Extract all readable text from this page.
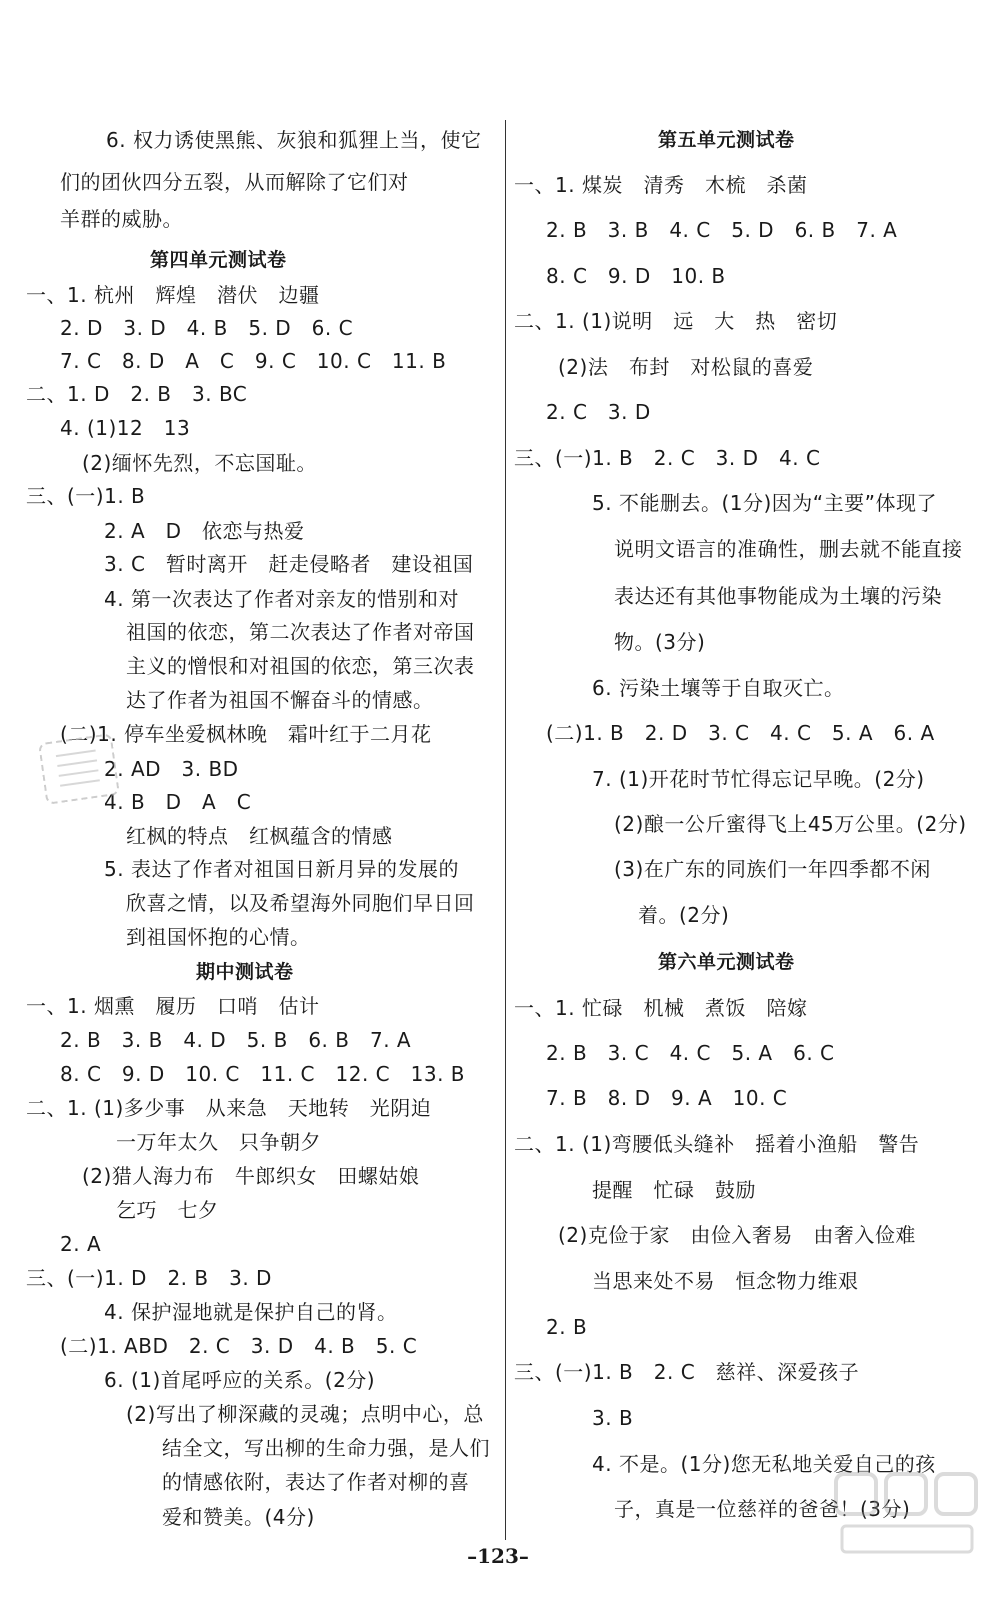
6. 权力诱使黑熊、灰狼和狐狸上当，使它
们的团伙四分五裂，从而解除了它们对
羊群的威胁。
第四单元测试卷
一、1. 杭州　辉煌　潜伏　边疆
2. D　3. D　4. B　5. D　6. C
7. C　8. D　A　C　9. C　10. C　11. B
二、1. D　2. B　3. BC
4. (1)12　13
(2)缅怀先烈，不忘国耻。
三、(一)1. B
2. A　D　依恋与热爱
3. C　暂时离开　赶走侵略者　建设祖国
4. 第一次表达了作者对亲友的惜别和对
祖国的依恋，第二次表达了作者对帝国
主义的憎恨和对祖国的依恋，第三次表
达了作者为祖国不懈奋斗的情感。
(二)1. 停车坐爱枫林晚　霜叶红于二月花
2. AD　3. BD
4. B　D　A　C
红枫的特点　红枫蕴含的情感
5. 表达了作者对祖国日新月异的发展的
欣喜之情，以及希望海外同胞们早日回
到祖国怀抱的心情。
期中测试卷
一、1. 烟熏　履历　口哨　估计
2. B　3. B　4. D　5. B　6. B　7. A
8. C　9. D　10. C　11. C　12. C　13. B
二、1. (1)多少事　从来急　天地转　光阴迫
一万年太久　只争朝夕
(2)猎人海力布　牛郎织女　田螺姑娘
乞巧　七夕
2. A
三、(一)1. D　2. B　3. D
4. 保护湿地就是保护自己的肾。
(二)1. ABD　2. C　3. D　4. B　5. C
6. (1)首尾呼应的关系。(2分)
(2)写出了柳深藏的灵魂；点明中心，总
结全文，写出柳的生命力强，是人们
的情感依附，表达了作者对柳的喜
爱和赞美。(4分)
第五单元测试卷
一、1. 煤炭　清秀　木梳　杀菌
2. B　3. B　4. C　5. D　6. B　7. A
8. C　9. D　10. B
二、1. (1)说明　远　大　热　密切
(2)法　布封　对松鼠的喜爱
2. C　3. D
三、(一)1. B　2. C　3. D　4. C
5. 不能删去。(1分)因为“主要”体现了
说明文语言的准确性，删去就不能直接
表达还有其他事物能成为土壤的污染
物。(3分)
6. 污染土壤等于自取灭亡。
(二)1. B　2. D　3. C　4. C　5. A　6. A
7. (1)开花时节忙得忘记早晚。(2分)
(2)酿一公斤蜜得飞上45万公里。(2分)
(3)在广东的同族们一年四季都不闲
着。(2分)
第六单元测试卷
一、1. 忙碌　机械　煮饭　陪嫁
2. B　3. C　4. C　5. A　6. C
7. B　8. D　9. A　10. C
二、1. (1)弯腰低头缝补　摇着小渔船　警告
提醒　忙碌　鼓励
(2)克俭于家　由俭入奢易　由奢入俭难
当思来处不易　恒念物力维艰
2. B
三、(一)1. B　2. C　慈祥、深爱孩子
3. B
4. 不是。(1分)您无私地关爱自己的孩
子，真是一位慈祥的爸爸！(3分)
–123–
